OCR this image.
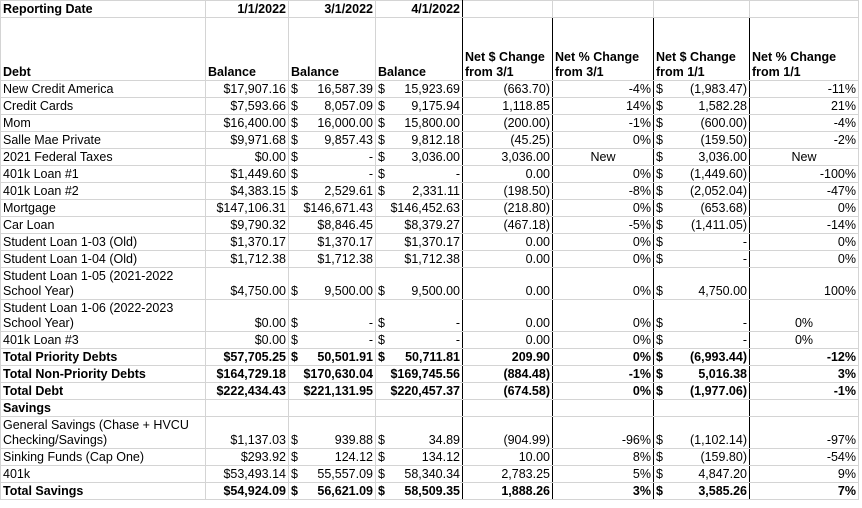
Reporting Date	1/1/2022	3/1/2022	4/1/2022				
Debt	Balance	Balance	Balance	Net $ Change from 3/1	Net % Change from 3/1	Net $ Change from 1/1	Net % Change from 1/1
New Credit America	$17,907.16	$ 16,587.39	$ 15,923.69	(663.70)	-4%	$ (1,983.47)	-11%
Credit Cards	$7,593.66	$ 8,057.09	$ 9,175.94	1,118.85	14%	$ 1,582.28	21%
Mom	$16,400.00	$ 16,000.00	$ 15,800.00	(200.00)	-1%	$ (600.00)	-4%
Salle Mae Private	$9,971.68	$ 9,857.43	$ 9,812.18	(45.25)	0%	$ (159.50)	-2%
2021 Federal Taxes	$0.00	$ -	$ 3,036.00	3,036.00	New	$ 3,036.00	New
401k Loan #1	$1,449.60	$ -	$ -	0.00	0%	$ (1,449.60)	-100%
401k Loan #2	$4,383.15	$ 2,529.61	$ 2,331.11	(198.50)	-8%	$ (2,052.04)	-47%
Mortgage	$147,106.31	$146,671.43	$146,452.63	(218.80)	0%	$ (653.68)	0%
Car Loan	$9,790.32	$8,846.45	$8,379.27	(467.18)	-5%	$ (1,411.05)	-14%
Student Loan 1-03 (Old)	$1,370.17	$1,370.17	$1,370.17	0.00	0%	$ -	0%
Student Loan 1-04 (Old)	$1,712.38	$1,712.38	$1,712.38	0.00	0%	$ -	0%
Student Loan 1-05 (2021-2022 School Year)	$4,750.00	$ 9,500.00	$ 9,500.00	0.00	0%	$ 4,750.00	100%
Student Loan 1-06 (2022-2023 School Year)	$0.00	$ -	$ -	0.00	0%	$ -	0%
401k Loan #3	$0.00	$ -	$ -	0.00	0%	$ -	0%
Total Priority Debts	$57,705.25	$ 50,501.91	$ 50,711.81	209.90	0%	$ (6,993.44)	-12%
Total Non-Priority Debts	$164,729.18	$170,630.04	$169,745.56	(884.48)	-1%	$ 5,016.38	3%
Total Debt	$222,434.43	$221,131.95	$220,457.37	(674.58)	0%	$ (1,977.06)	-1%
Savings							
General Savings (Chase + HVCU Checking/Savings)	$1,137.03	$ 939.88	$ 34.89	(904.99)	-96%	$ (1,102.14)	-97%
Sinking Funds (Cap One)	$293.92	$ 124.12	$ 134.12	10.00	8%	$ (159.80)	-54%
401k	$53,493.14	$ 55,557.09	$ 58,340.34	2,783.25	5%	$ 4,847.20	9%
Total Savings	$54,924.09	$ 56,621.09	$ 58,509.35	1,888.26	3%	$ 3,585.26	7%
